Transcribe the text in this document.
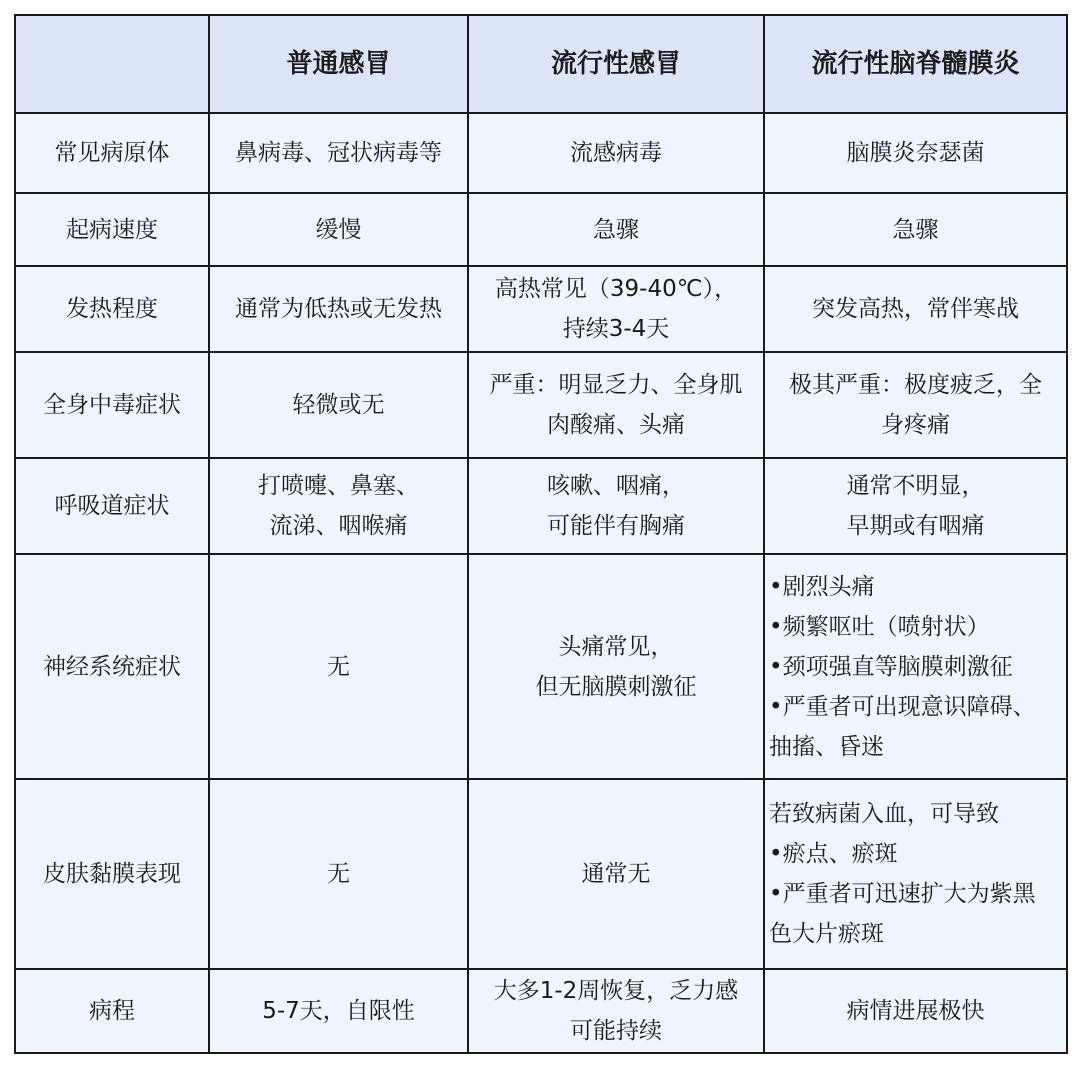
	普通感冒	流行性感冒	流行性脑脊髓膜炎
常见病原体	鼻病毒、冠状病毒等	流感病毒	脑膜炎奈瑟菌

起病速度	缓慢	急骤	急骤

发热程度	通常为低热或无发热	高热常见（39-40℃），
持续3-4天	突发高热，常伴寒战

全身中毒症状	轻微或无	严重：明显乏力、全身肌
肉酸痛、头痛	极其严重：极度疲乏，全
身疼痛

呼吸道症状	打喷嚏、鼻塞、
流涕、咽喉痛	咳嗽、咽痛，
可能伴有胸痛	通常不明显，
早期或有咽痛

神经系统症状	无	头痛常见，
但无脑膜刺激征	•剧烈头痛
•频繁呕吐（喷射状）
•颈项强直等脑膜刺激征
•严重者可出现意识障碍、
抽搐、昏迷

皮肤黏膜表现	无	通常无	若致病菌入血，可导致
•瘀点、瘀斑
•严重者可迅速扩大为紫黑
色大片瘀斑

病程	5-7天，自限性	大多1-2周恢复，乏力感
可能持续	病情进展极快
